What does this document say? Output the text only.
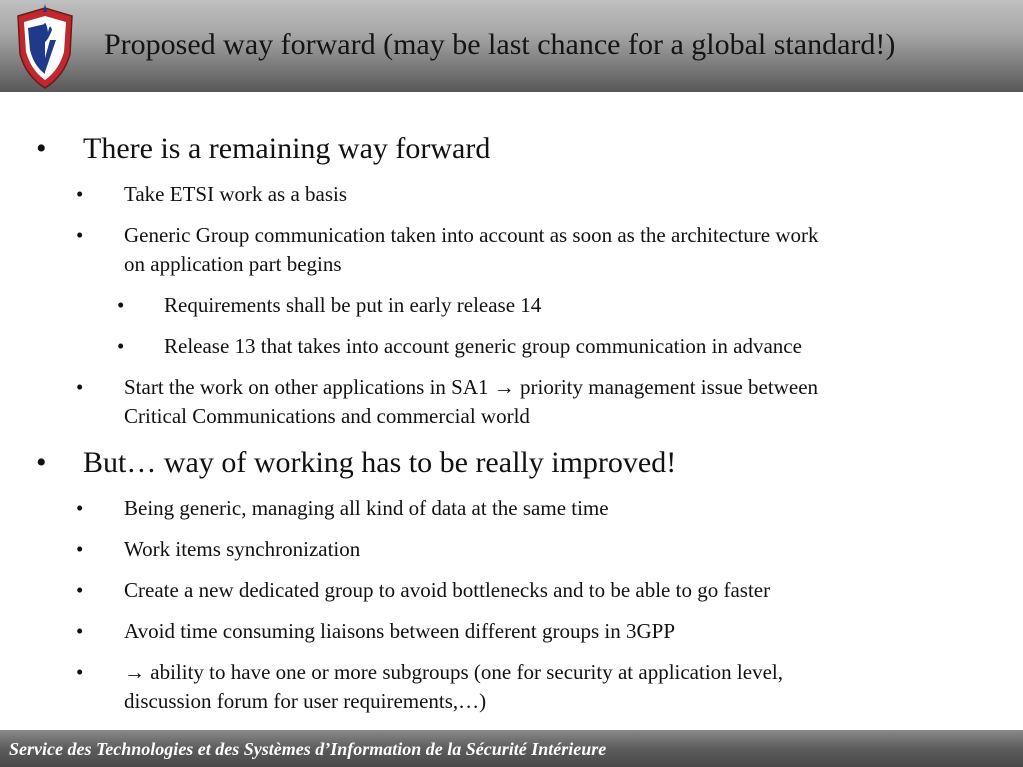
Proposed way forward (may be last chance for a global standard!)
• There is a remaining way forward
• Take ETSI work as a basis
• Generic Group communication taken into account as soon as the architecture work
on application part begins
• Requirements shall be put in early release 14
• Release 13 that takes into account generic group communication in advance
• Start the work on other applications in SA1 → priority management issue between
Critical Communications and commercial world
• But… way of working has to be really improved!
• Being generic, managing all kind of data at the same time
• Work items synchronization
• Create a new dedicated group to avoid bottlenecks and to be able to go faster
• Avoid time consuming liaisons between different groups in 3GPP
• → ability to have one or more subgroups (one for security at application level,
discussion forum for user requirements,…)
Service des Technologies et des Systèmes d’Information de la Sécurité Intérieure
